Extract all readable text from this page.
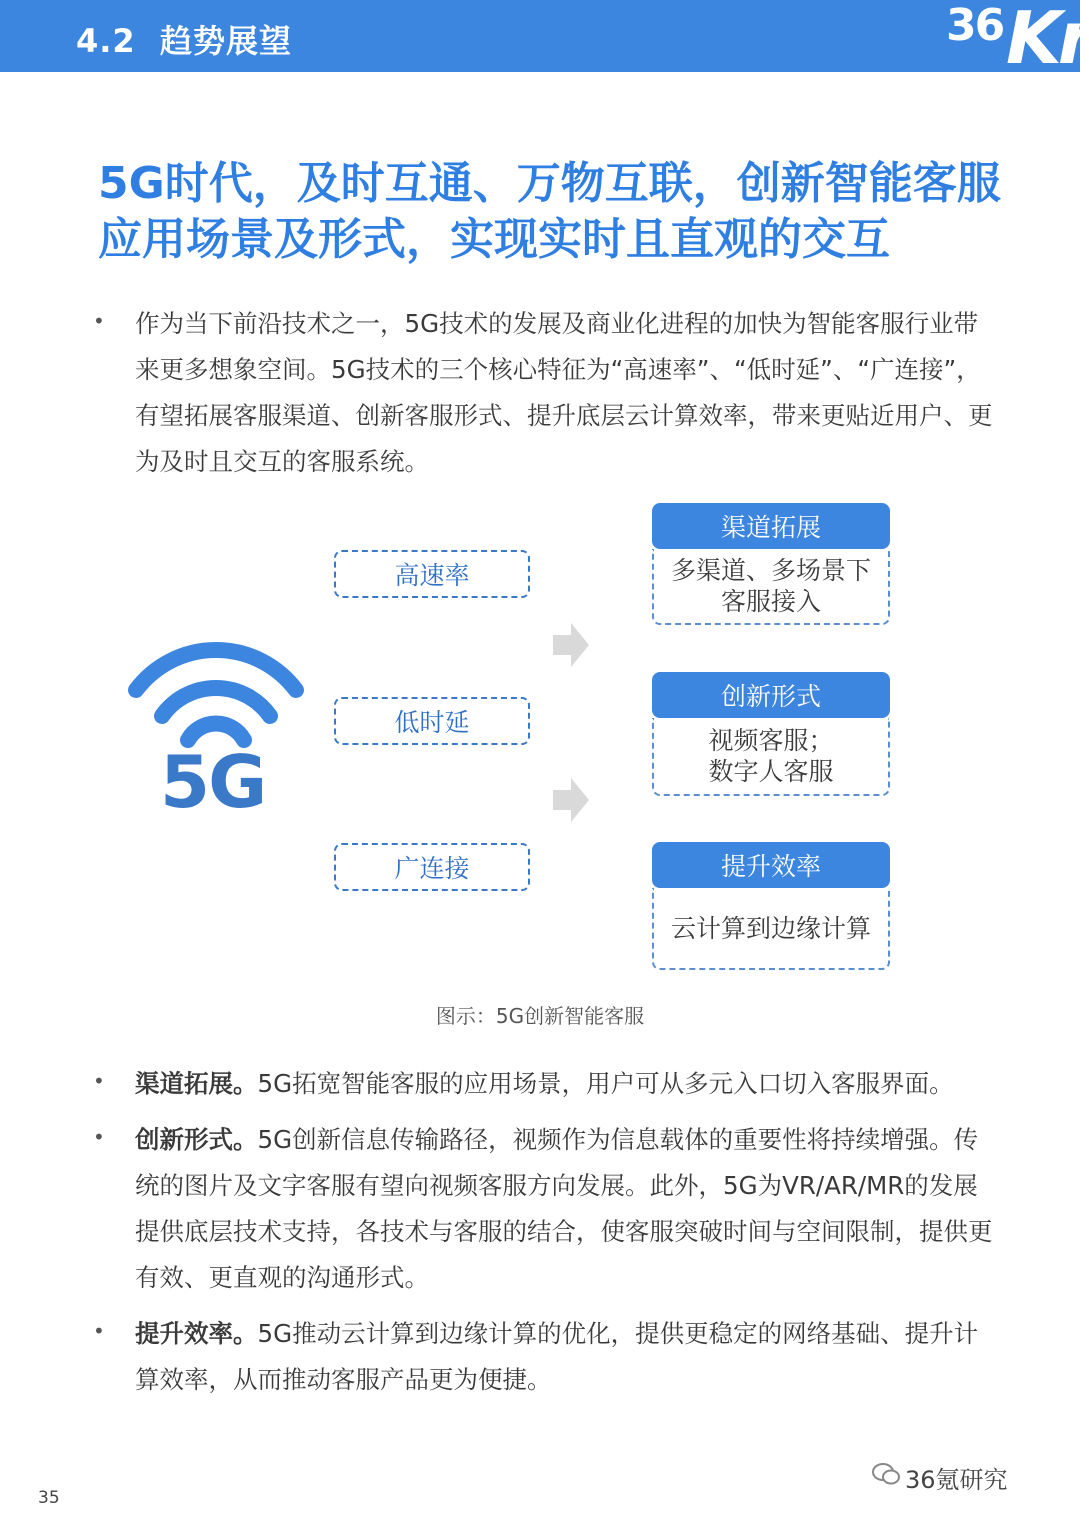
4.2 趋势展望	36 Kr
5G时代，及时互通、万物互联，创新智能客服
应用场景及形式，实现实时且直观的交互
• 作为当下前沿技术之一，5G技术的发展及商业化进程的加快为智能客服行业带来更多想象空间。5G技术的三个核心特征为“高速率”、“低时延”、“广连接”，有望拓展客服渠道、创新客服形式、提升底层云计算效率，带来更贴近用户、更为及时且交互的客服系统。
5G
高速率
低时延
广连接
渠道拓展
多渠道、多场景下
客服接入
创新形式
视频客服；
数字人客服
提升效率
云计算到边缘计算
图示：5G创新智能客服
• 渠道拓展。5G拓宽智能客服的应用场景，用户可从多元入口切入客服界面。
• 创新形式。5G创新信息传输路径，视频作为信息载体的重要性将持续增强。传统的图片及文字客服有望向视频客服方向发展。此外，5G为VR/AR/MR的发展提供底层技术支持，各技术与客服的结合，使客服突破时间与空间限制，提供更有效、更直观的沟通形式。
• 提升效率。5G推动云计算到边缘计算的优化，提供更稳定的网络基础、提升计算效率，从而推动客服产品更为便捷。
35
36氪研究
